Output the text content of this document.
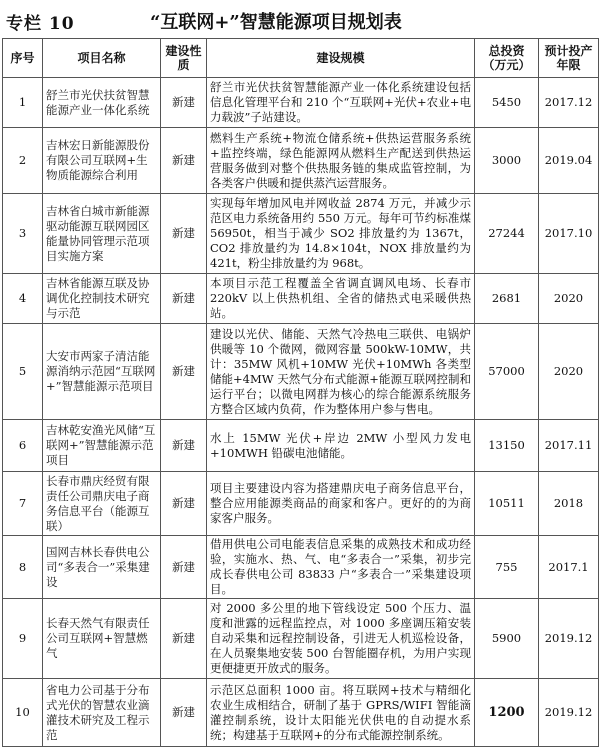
专栏 10	“互联网+”智慧能源项目规划表
序号	项目名称	建设性质	建设规模	总投资（万元）	预计投产年限
1	舒兰市光伏扶贫智慧能源产业一体化系统	新建	舒兰市光伏扶贫智慧能源产业一体化系统建设包括信息化管理平台和 210 个“互联网+光伏+农业+电力载波”子站建设。	5450	2017.12
2	吉林宏日新能源股份有限公司互联网+生物质能源综合利用	新建	燃料生产系统+物流仓储系统+供热运营服务系统+监控终端，绿色能源网从燃料生产配送到供热运营服务做到对整个供热服务链的集成监管控制，为各类客户供暖和提供蒸汽运营服务。	3000	2019.04
3	吉林省白城市新能源驱动能源互联网园区能量协同管理示范项目实施方案	新建	实现每年增加风电并网收益 2874 万元，并减少示范区电力系统备用约 550 万元。每年可节约标准煤 56950t，相当于减少 SO2 排放量约为 1367t，CO2 排放量约为 14.8×104t，NOX 排放量约为 421t，粉尘排放量约为 968t。	27244	2017.10
4	吉林省能源互联及协调优化控制技术研究与示范	新建	本项目示范工程覆盖全省调直调风电场、长春市 220kV 以上供热机组、全省的储热式电采暖供热站。	2681	2020
5	大安市两家子清洁能源消纳示范园“互联网+”智慧能源示范项目	新建	建设以光伏、储能、天然气冷热电三联供、电锅炉供暖等 10 个微网，微网容量 500kW-10MW，共计：35MW 风机+10MW 光伏+10MWh 各类型储能+4MW 天然气分布式能源+能源互联网控制和运行平台；以微电网群为核心的综合能源系统服务方整合区域内负荷，作为整体用户参与售电。	57000	2020
6	吉林乾安渔光风储“互联网+”智慧能源示范项目	新建	水上 15MW 光伏+岸边 2MW 小型风力发电+10MWH 铅碳电池储能。	13150	2017.11
7	长春市鼎庆经贸有限责任公司鼎庆电子商务信息平台（能源互联）	新建	项目主要建设内容为搭建鼎庆电子商务信息平台，整合应用能源类商品的商家和客户。更好的的为商家客户服务。	10511	2018
8	国网吉林长春供电公司“多表合一”采集建设	新建	借用供电公司电能表信息采集的成熟技术和成功经验，实施水、热、气、电“多表合一”采集，初步完成长春供电公司 83833 户“多表合一”采集建设项目。	755	2017.1
9	长春天然气有限责任公司互联网+智慧燃气	新建	对 2000 多公里的地下管线设定 500 个压力、温度和泄露的远程监控点，对 1000 多座调压箱安装自动采集和远程控制设备，引进无人机巡检设备，在人员聚集地安装 500 台智能圈存机，为用户实现更便捷更开放式的服务。	5900	2019.12
10	省电力公司基于分布式光伏的智慧农业滴灌技术研究及工程示范	新建	示范区总面积 1000 亩。将互联网+技术与精细化农业生成相结合，研制了基于 GPRS/WIFI 智能滴灌控制系统，设计太阳能光伏供电的自动提水系统；构建基于互联网+的分布式能源控制系统。	1200	2019.12
